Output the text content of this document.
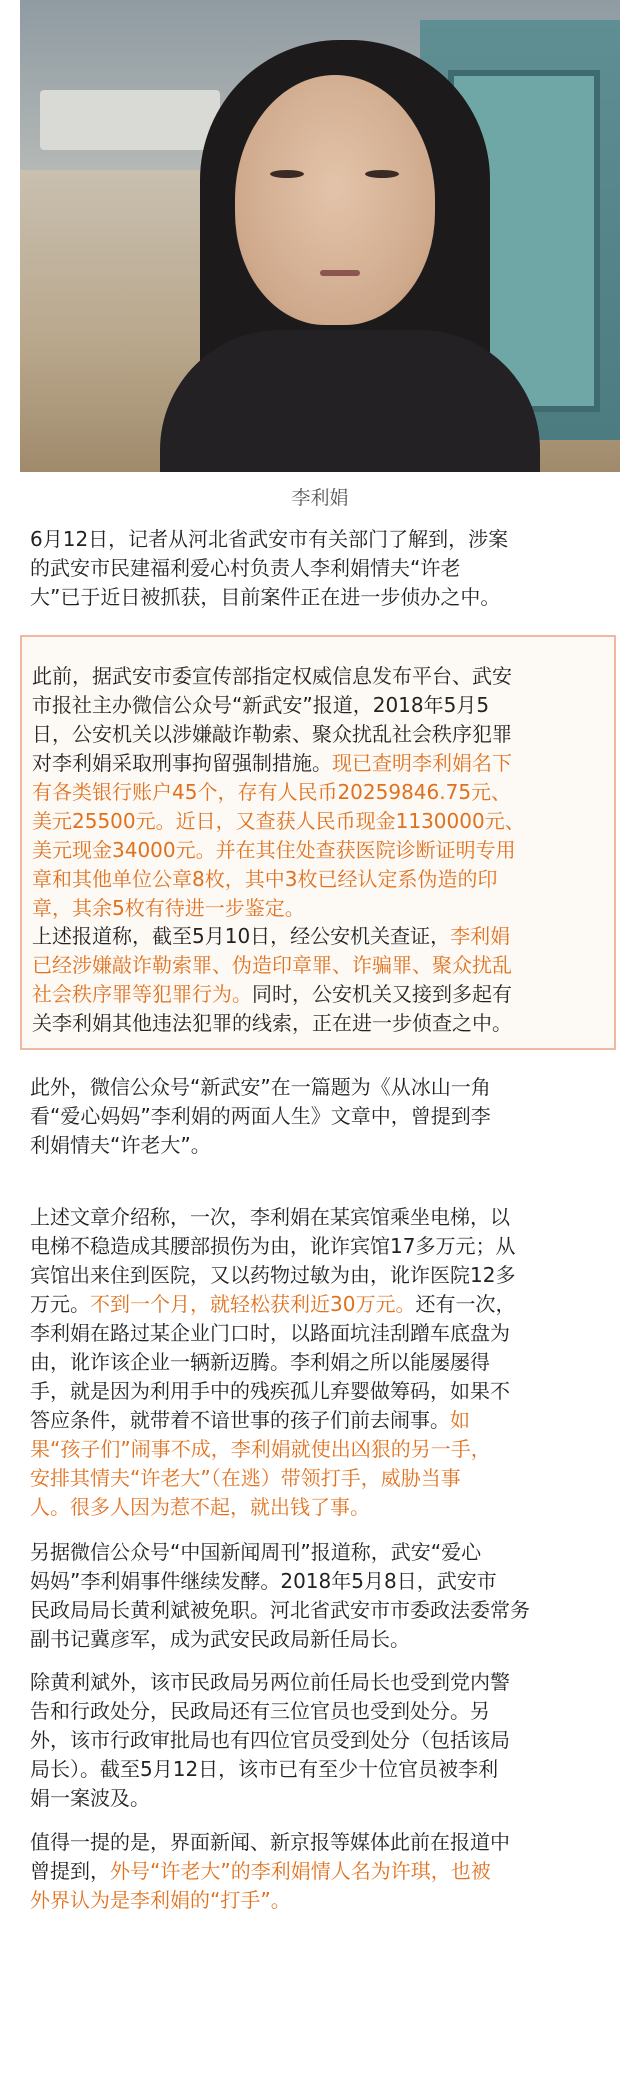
李利娟

6月12日，记者从河北省武安市有关部门了解到，涉案
的武安市民建福利爱心村负责人李利娟情夫“许老
大”已于近日被抓获，目前案件正在进一步侦办之中。

此前，据武安市委宣传部指定权威信息发布平台、武安
市报社主办微信公众号“新武安”报道，2018年5月5
日，公安机关以涉嫌敲诈勒索、聚众扰乱社会秩序犯罪
对李利娟采取刑事拘留强制措施。现已查明李利娟名下
有各类银行账户45个，存有人民币20259846.75元、
美元25500元。近日，又查获人民币现金1130000元、
美元现金34000元。并在其住处查获医院诊断证明专用
章和其他单位公章8枚，其中3枚已经认定系伪造的印
章，其余5枚有待进一步鉴定。

上述报道称，截至5月10日，经公安机关查证，李利娟
已经涉嫌敲诈勒索罪、伪造印章罪、诈骗罪、聚众扰乱
社会秩序罪等犯罪行为。同时，公安机关又接到多起有
关李利娟其他违法犯罪的线索，正在进一步侦查之中。

此外，微信公众号“新武安”在一篇题为《从冰山一角
看“爱心妈妈”李利娟的两面人生》文章中，曾提到李
利娟情夫“许老大”。

上述文章介绍称，一次，李利娟在某宾馆乘坐电梯，以
电梯不稳造成其腰部损伤为由，讹诈宾馆17多万元；从
宾馆出来住到医院，又以药物过敏为由，讹诈医院12多
万元。不到一个月，就轻松获利近30万元。还有一次，
李利娟在路过某企业门口时，以路面坑洼刮蹭车底盘为
由，讹诈该企业一辆新迈腾。李利娟之所以能屡屡得
手，就是因为利用手中的残疾孤儿弃婴做筹码，如果不
答应条件，就带着不谙世事的孩子们前去闹事。如
果“孩子们”闹事不成，李利娟就使出凶狠的另一手，
安排其情夫“许老大”（在逃）带领打手，威胁当事
人。很多人因为惹不起，就出钱了事。

另据微信公众号“中国新闻周刊”报道称，武安“爱心
妈妈”李利娟事件继续发酵。2018年5月8日，武安市
民政局局长黄利斌被免职。河北省武安市市委政法委常务
副书记冀彦军，成为武安民政局新任局长。

除黄利斌外，该市民政局另两位前任局长也受到党内警
告和行政处分，民政局还有三位官员也受到处分。另
外，该市行政审批局也有四位官员受到处分（包括该局
局长）。截至5月12日，该市已有至少十位官员被李利
娟一案波及。

值得一提的是，界面新闻、新京报等媒体此前在报道中
曾提到，外号“许老大”的李利娟情人名为许琪，也被
外界认为是李利娟的“打手”。
